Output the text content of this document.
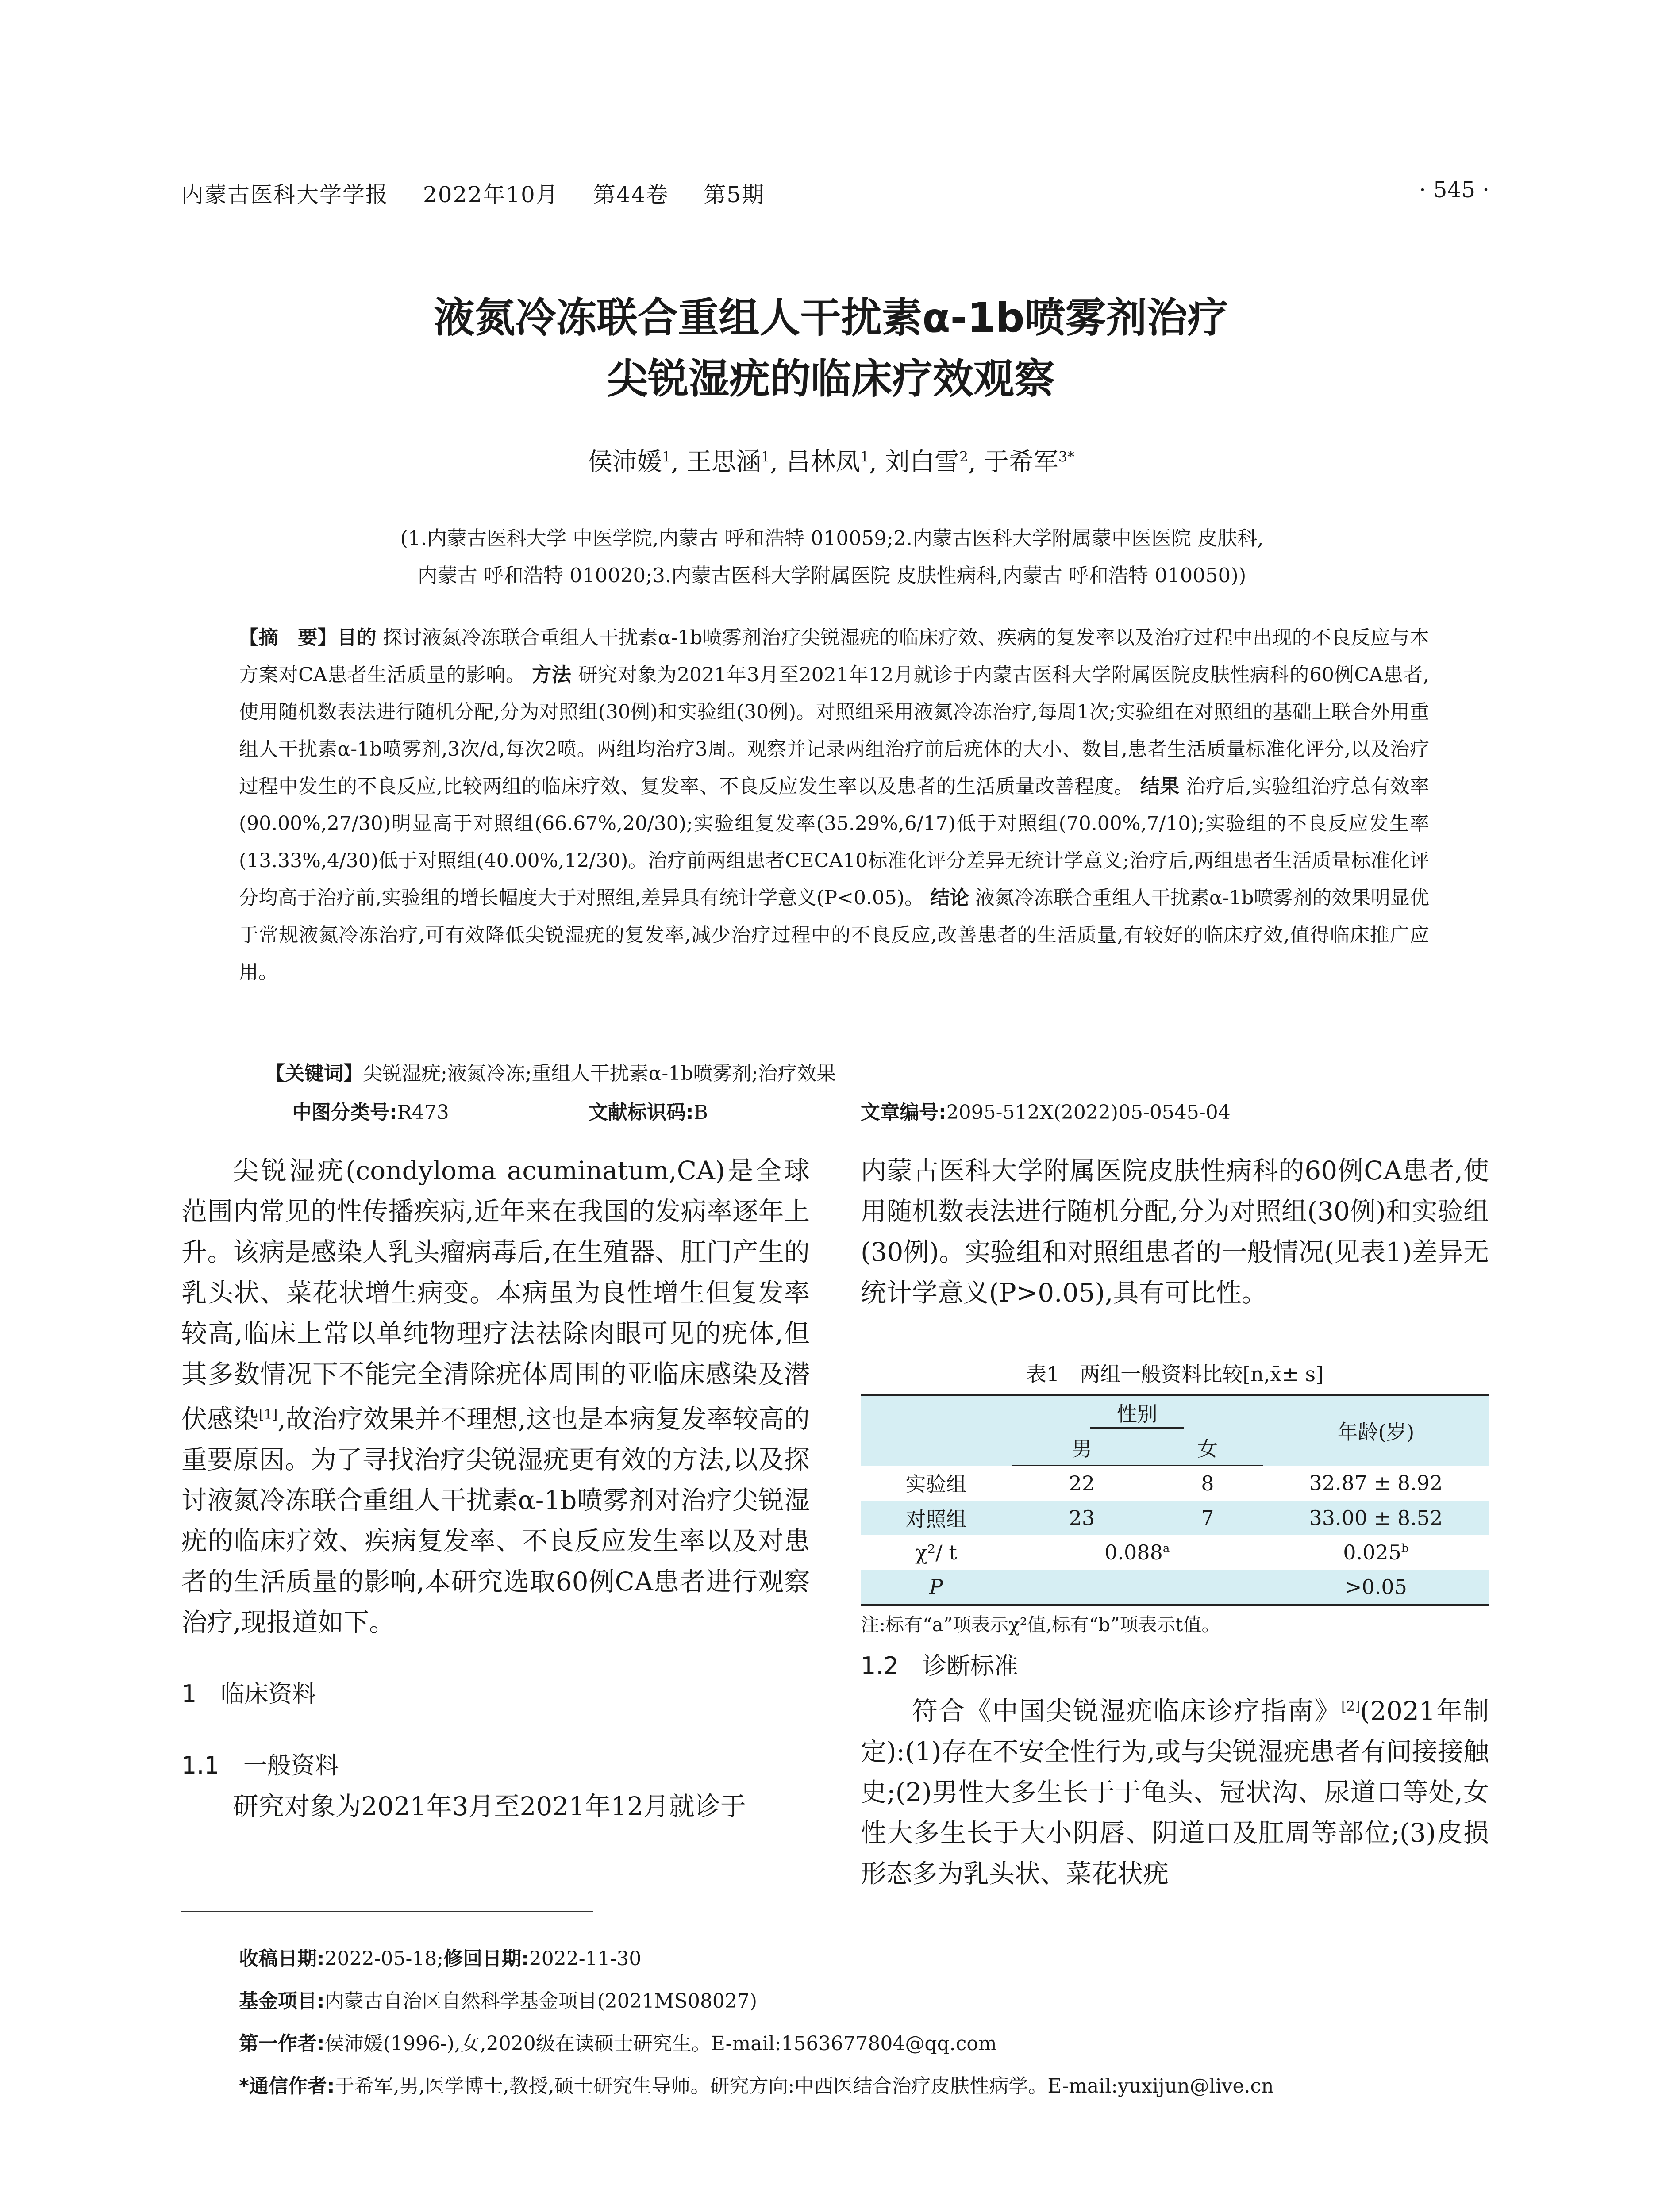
内蒙古医科大学学报 2022年10月 第44卷 第5期	· 545 ·
液氮冷冻联合重组人干扰素α-1b喷雾剂治疗
尖锐湿疣的临床疗效观察
侯沛媛$^1$, 王思涵$^1$, 吕林凤$^1$, 刘白雪$^2$, 于希军$^{3*}$
(1.内蒙古医科大学 中医学院,内蒙古 呼和浩特 010059;2.内蒙古医科大学附属蒙中医医院 皮肤科,
内蒙古 呼和浩特 010020;3.内蒙古医科大学附属医院 皮肤性病科,内蒙古 呼和浩特 010050))
【摘　要】目的 探讨液氮冷冻联合重组人干扰素α-1b喷雾剂治疗尖锐湿疣的临床疗效、疾病的复发率以及治疗过程中出现的不良反应与本方案对CA患者生活质量的影响。 方法 研究对象为2021年3月至2021年12月就诊于内蒙古医科大学附属医院皮肤性病科的60例CA患者,使用随机数表法进行随机分配,分为对照组(30例)和实验组(30例)。对照组采用液氮冷冻治疗,每周1次;实验组在对照组的基础上联合外用重组人干扰素α-1b喷雾剂,3次/d,每次2喷。两组均治疗3周。观察并记录两组治疗前后疣体的大小、数目,患者生活质量标准化评分,以及治疗过程中发生的不良反应,比较两组的临床疗效、复发率、不良反应发生率以及患者的生活质量改善程度。 结果 治疗后,实验组治疗总有效率(90.00%,27/30)明显高于对照组(66.67%,20/30);实验组复发率(35.29%,6/17)低于对照组(70.00%,7/10);实验组的不良反应发生率(13.33%,4/30)低于对照组(40.00%,12/30)。治疗前两组患者CECA10标准化评分差异无统计学意义;治疗后,两组患者生活质量标准化评分均高于治疗前,实验组的增长幅度大于对照组,差异具有统计学意义(P<0.05)。 结论 液氮冷冻联合重组人干扰素α-1b喷雾剂的效果明显优于常规液氮冷冻治疗,可有效降低尖锐湿疣的复发率,减少治疗过程中的不良反应,改善患者的生活质量,有较好的临床疗效,值得临床推广应用。
【关键词】尖锐湿疣;液氮冷冻;重组人干扰素α-1b喷雾剂;治疗效果
中图分类号:R473	文献标识码:B	文章编号:2095-512X(2022)05-0545-04

尖锐湿疣(condyloma acuminatum,CA)是全球范围内常见的性传播疾病,近年来在我国的发病率逐年上升。该病是感染人乳头瘤病毒后,在生殖器、肛门产生的乳头状、菜花状增生病变。本病虽为良性增生但复发率较高,临床上常以单纯物理疗法祛除肉眼可见的疣体,但其多数情况下不能完全清除疣体周围的亚临床感染及潜伏感染[1],故治疗效果并不理想,这也是本病复发率较高的重要原因。为了寻找治疗尖锐湿疣更有效的方法,以及探讨液氮冷冻联合重组人干扰素α-1b喷雾剂对治疗尖锐湿疣的临床疗效、疾病复发率、不良反应发生率以及对患者的生活质量的影响,本研究选取60例CA患者进行观察治疗,现报道如下。

1　临床资料
1.1　一般资料

研究对象为2021年3月至2021年12月就诊于

内蒙古医科大学附属医院皮肤性病科的60例CA患者,使用随机数表法进行随机分配,分为对照组(30例)和实验组(30例)。实验组和对照组患者的一般情况(见表1)差异无统计学意义(P>0.05),具有可比性。

表1　两组一般资料比较[n,x̄± s]
	性别		年龄(岁)
	男	女	
实验组	22	8	32.87 ± 8.92
对照组	23	7	33.00 ± 8.52
χ²/ t	0.088$^a$		0.025$^b$
P			>0.05
注:标有“a”项表示χ²值,标有“b”项表示t值。
1.2　诊断标准

符合《中国尖锐湿疣临床诊疗指南》[2](2021年制定):(1)存在不安全性行为,或与尖锐湿疣患者有间接接触史;(2)男性大多生长于于龟头、冠状沟、尿道口等处,女性大多生长于大小阴唇、阴道口及肛周等部位;(3)皮损形态多为乳头状、菜花状疣

收稿日期:2022-05-18;修回日期:2022-11-30
基金项目:内蒙古自治区自然科学基金项目(2021MS08027)
第一作者:侯沛媛(1996-),女,2020级在读硕士研究生。E-mail:1563677804@qq.com
*通信作者:于希军,男,医学博士,教授,硕士研究生导师。研究方向:中西医结合治疗皮肤性病学。E-mail:yuxijun@live.cn
